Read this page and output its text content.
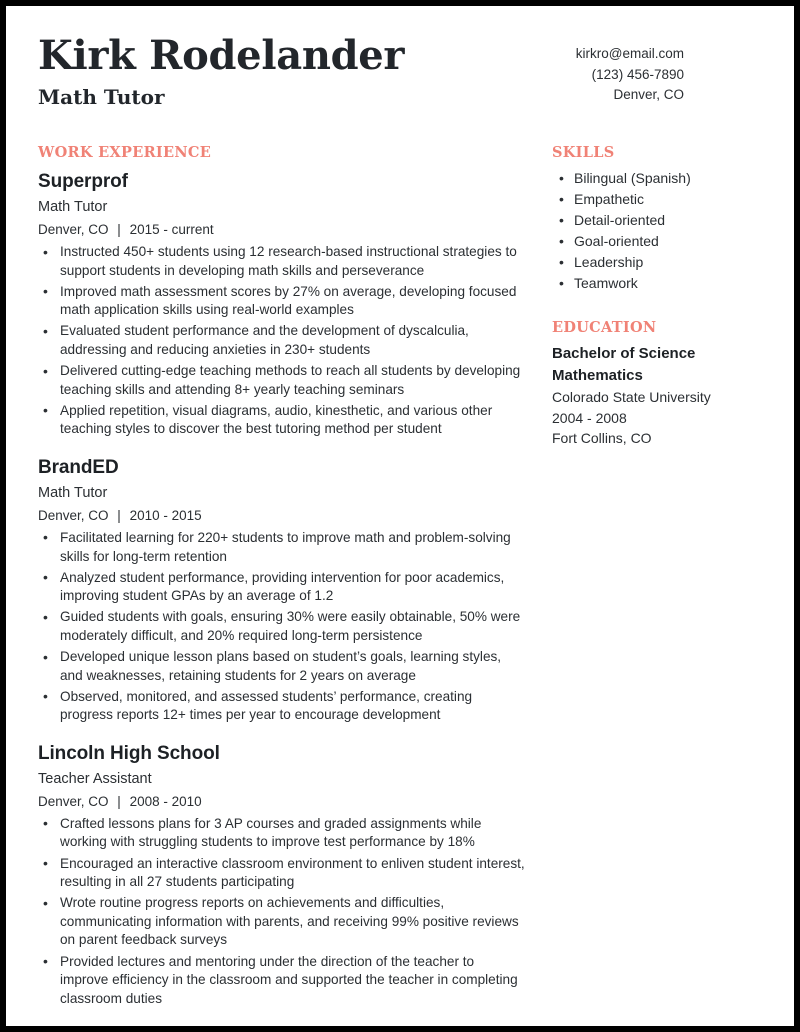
Kirk Rodelander
Math Tutor
kirkro@email.com
(123) 456-7890
Denver, CO
WORK EXPERIENCE
Superprof
Math Tutor
Denver, CO | 2015 - current
• Instructed 450+ students using 12 research-based instructional strategies to support students in developing math skills and perseverance
• Improved math assessment scores by 27% on average, developing focused math application skills using real-world examples
• Evaluated student performance and the development of dyscalculia, addressing and reducing anxieties in 230+ students
• Delivered cutting-edge teaching methods to reach all students by developing teaching skills and attending 8+ yearly teaching seminars
• Applied repetition, visual diagrams, audio, kinesthetic, and various other teaching styles to discover the best tutoring method per student
BrandED
Math Tutor
Denver, CO | 2010 - 2015
• Facilitated learning for 220+ students to improve math and problem-solving skills for long-term retention
• Analyzed student performance, providing intervention for poor academics, improving student GPAs by an average of 1.2
• Guided students with goals, ensuring 30% were easily obtainable, 50% were moderately difficult, and 20% required long-term persistence
• Developed unique lesson plans based on student’s goals, learning styles, and weaknesses, retaining students for 2 years on average
• Observed, monitored, and assessed students’ performance, creating progress reports 12+ times per year to encourage development
Lincoln High School
Teacher Assistant
Denver, CO | 2008 - 2010
• Crafted lessons plans for 3 AP courses and graded assignments while working with struggling students to improve test performance by 18%
• Encouraged an interactive classroom environment to enliven student interest, resulting in all 27 students participating
• Wrote routine progress reports on achievements and difficulties, communicating information with parents, and receiving 99% positive reviews on parent feedback surveys
• Provided lectures and mentoring under the direction of the teacher to improve efficiency in the classroom and supported the teacher in completing classroom duties
SKILLS
• Bilingual (Spanish)
• Empathetic
• Detail-oriented
• Goal-oriented
• Leadership
• Teamwork
EDUCATION
Bachelor of Science
Mathematics
Colorado State University
2004 - 2008
Fort Collins, CO
